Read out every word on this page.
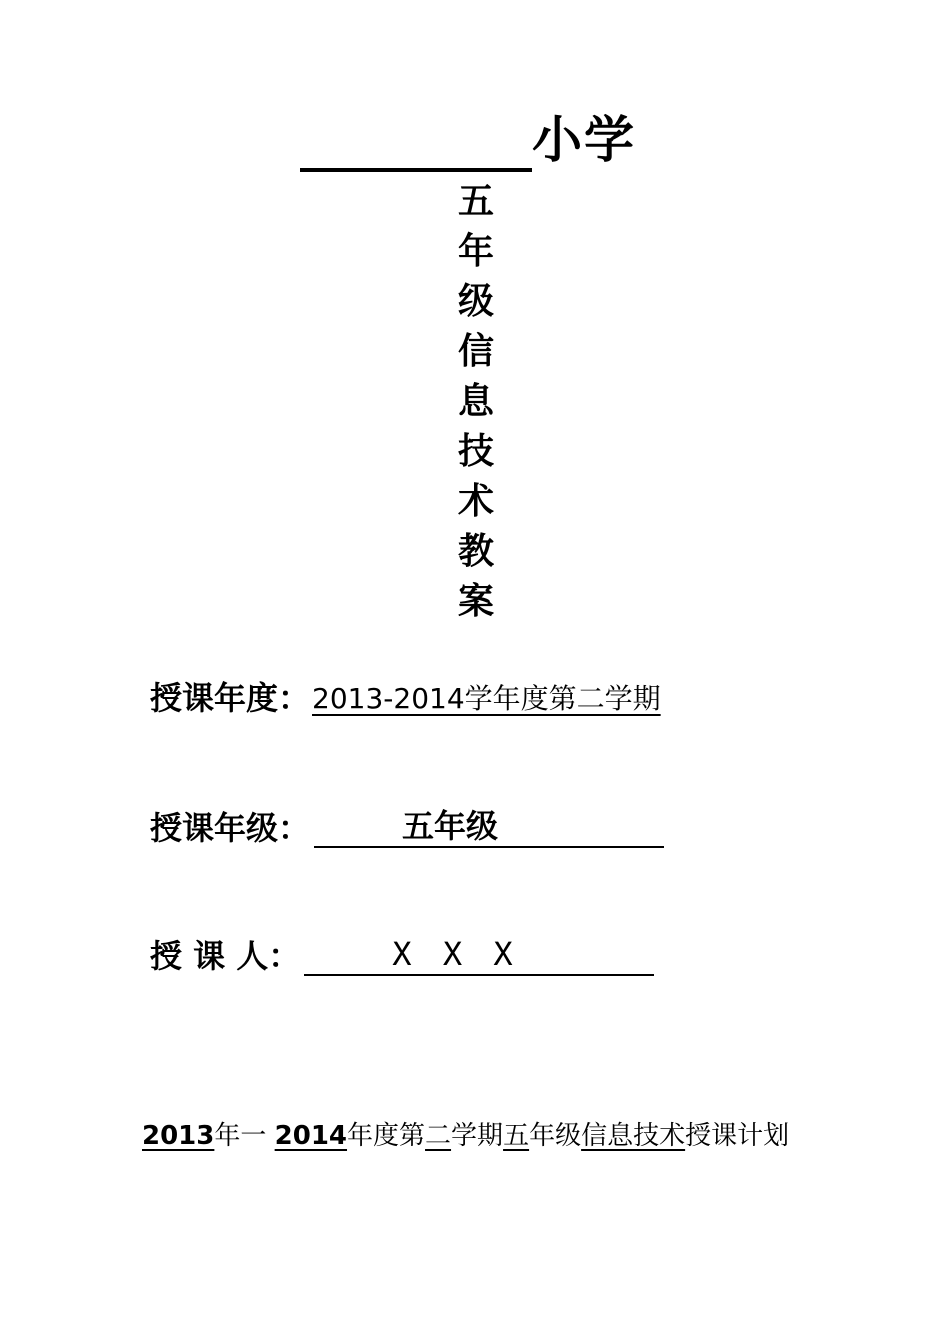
小学
五
年
级
信
息
技
术
教
案
授课年度： 2013-2014学年度第二学期
授课年级：	五年级
授 课 人：	X X X
2013年一 2014年度第二学期五年级信息技术授课计划
